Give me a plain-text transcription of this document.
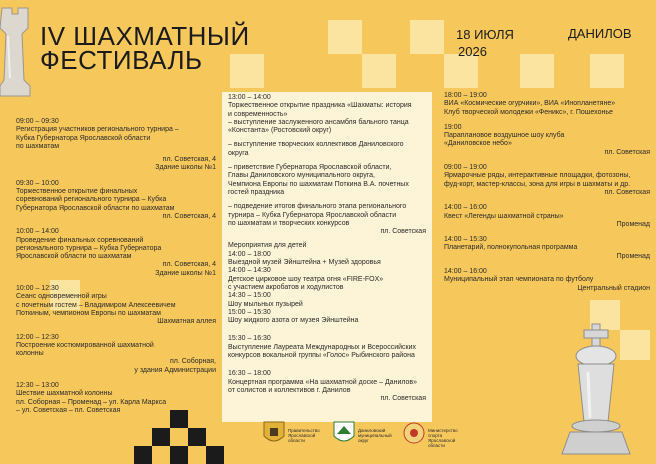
IV ШАХМАТНЫЙ
ФЕСТИВАЛЬ
18 ИЮЛЯ
2026
ДАНИЛОВ
09:00 – 09:30
Регистрация участников регионального турнира –
Кубка Губернатора Ярославской области
по шахматам
пл. Советская, 4
Здание школы №1
09:30 – 10:00
Торжественное открытие финальных
соревнований регионального турнира – Кубка
Губернатора Ярославской области по шахматам
пл. Советская, 4
10:00 – 14:00
Проведение финальных соревнований
регионального турнира – Кубка Губернатора
Ярославской области по шахматам
пл. Советская, 4
Здание школы №1
10:00 – 12:30
Сеанс одновременной игры
с почетным гостем – Владимиром Алексеевичем
Поткиным, чемпионом Европы по шахматам
Шахматная аллея
12:00 – 12:30
Построение костюмированной шахматной
колонны
пл. Соборная,
у здания Администрации
12:30 – 13:00
Шествие шахматной колонны
пл. Соборная – Променад – ул. Карла Маркса
– ул. Советская – пл. Советская
13:00 – 14:00
Торжественное открытие праздника «Шахматы: история
и современность»
– выступление заслуженного ансамбля бального танца
«Константа» (Ростовский округ)
– выступление творческих коллективов Даниловского округа
– приветствие Губернатора Ярославской области,
Главы Даниловского муниципального округа,
Чемпиона Европы по шахматам Поткина В.А. почетных
гостей праздника
– подведение итогов финального этапа регионального
турнира – Кубка Губернатора Ярославской области
по шахматам и творческих конкурсов
пл. Советская
Мероприятия для детей
14:00 – 18:00
Выездной музей Эйнштейна + Музей здоровья
14:00 – 14:30
Детское цирковое шоу театра огня «FIRE-FOX»
с участием акробатов и ходулистов
14:30 – 15:00
Шоу мыльных пузырей
15:00 – 15:30
Шоу жидкого азота от музея Эйнштейна
15:30 – 16:30
Выступление Лауреата Международных и Всероссийских
конкурсов вокальной группы «Голос» Рыбинского района
16:30 – 18:00
Концертная программа «На шахматной доске – Данилов»
от солистов и коллективов г. Данилов
пл. Советская
18:00 – 19:00
ВИА «Космические огурчики», ВИА «Инопланетяне»
Клуб творческой молодежи «Феникс», г. Пошехонье
19:00
Параплановое воздушное шоу клуба
«Даниловское небо»
пл. Советская
09:00 – 19:00
Ярмарочные ряды, интерактивные площадки, фотозоны,
фуд-корт, мастер-классы, зона для игры в шахматы и др.
пл. Советская
14:00 – 16:00
Квест «Легенды шахматной страны»
Променад
14:00 – 15:30
Планетарий, полнокупольная программа
Променад
14:00 – 16:00
Муниципальный этап чемпионата по футболу
Центральный стадион
Правительство Ярославской области
Даниловский муниципальный округ
Министерство спорта Ярославской области
